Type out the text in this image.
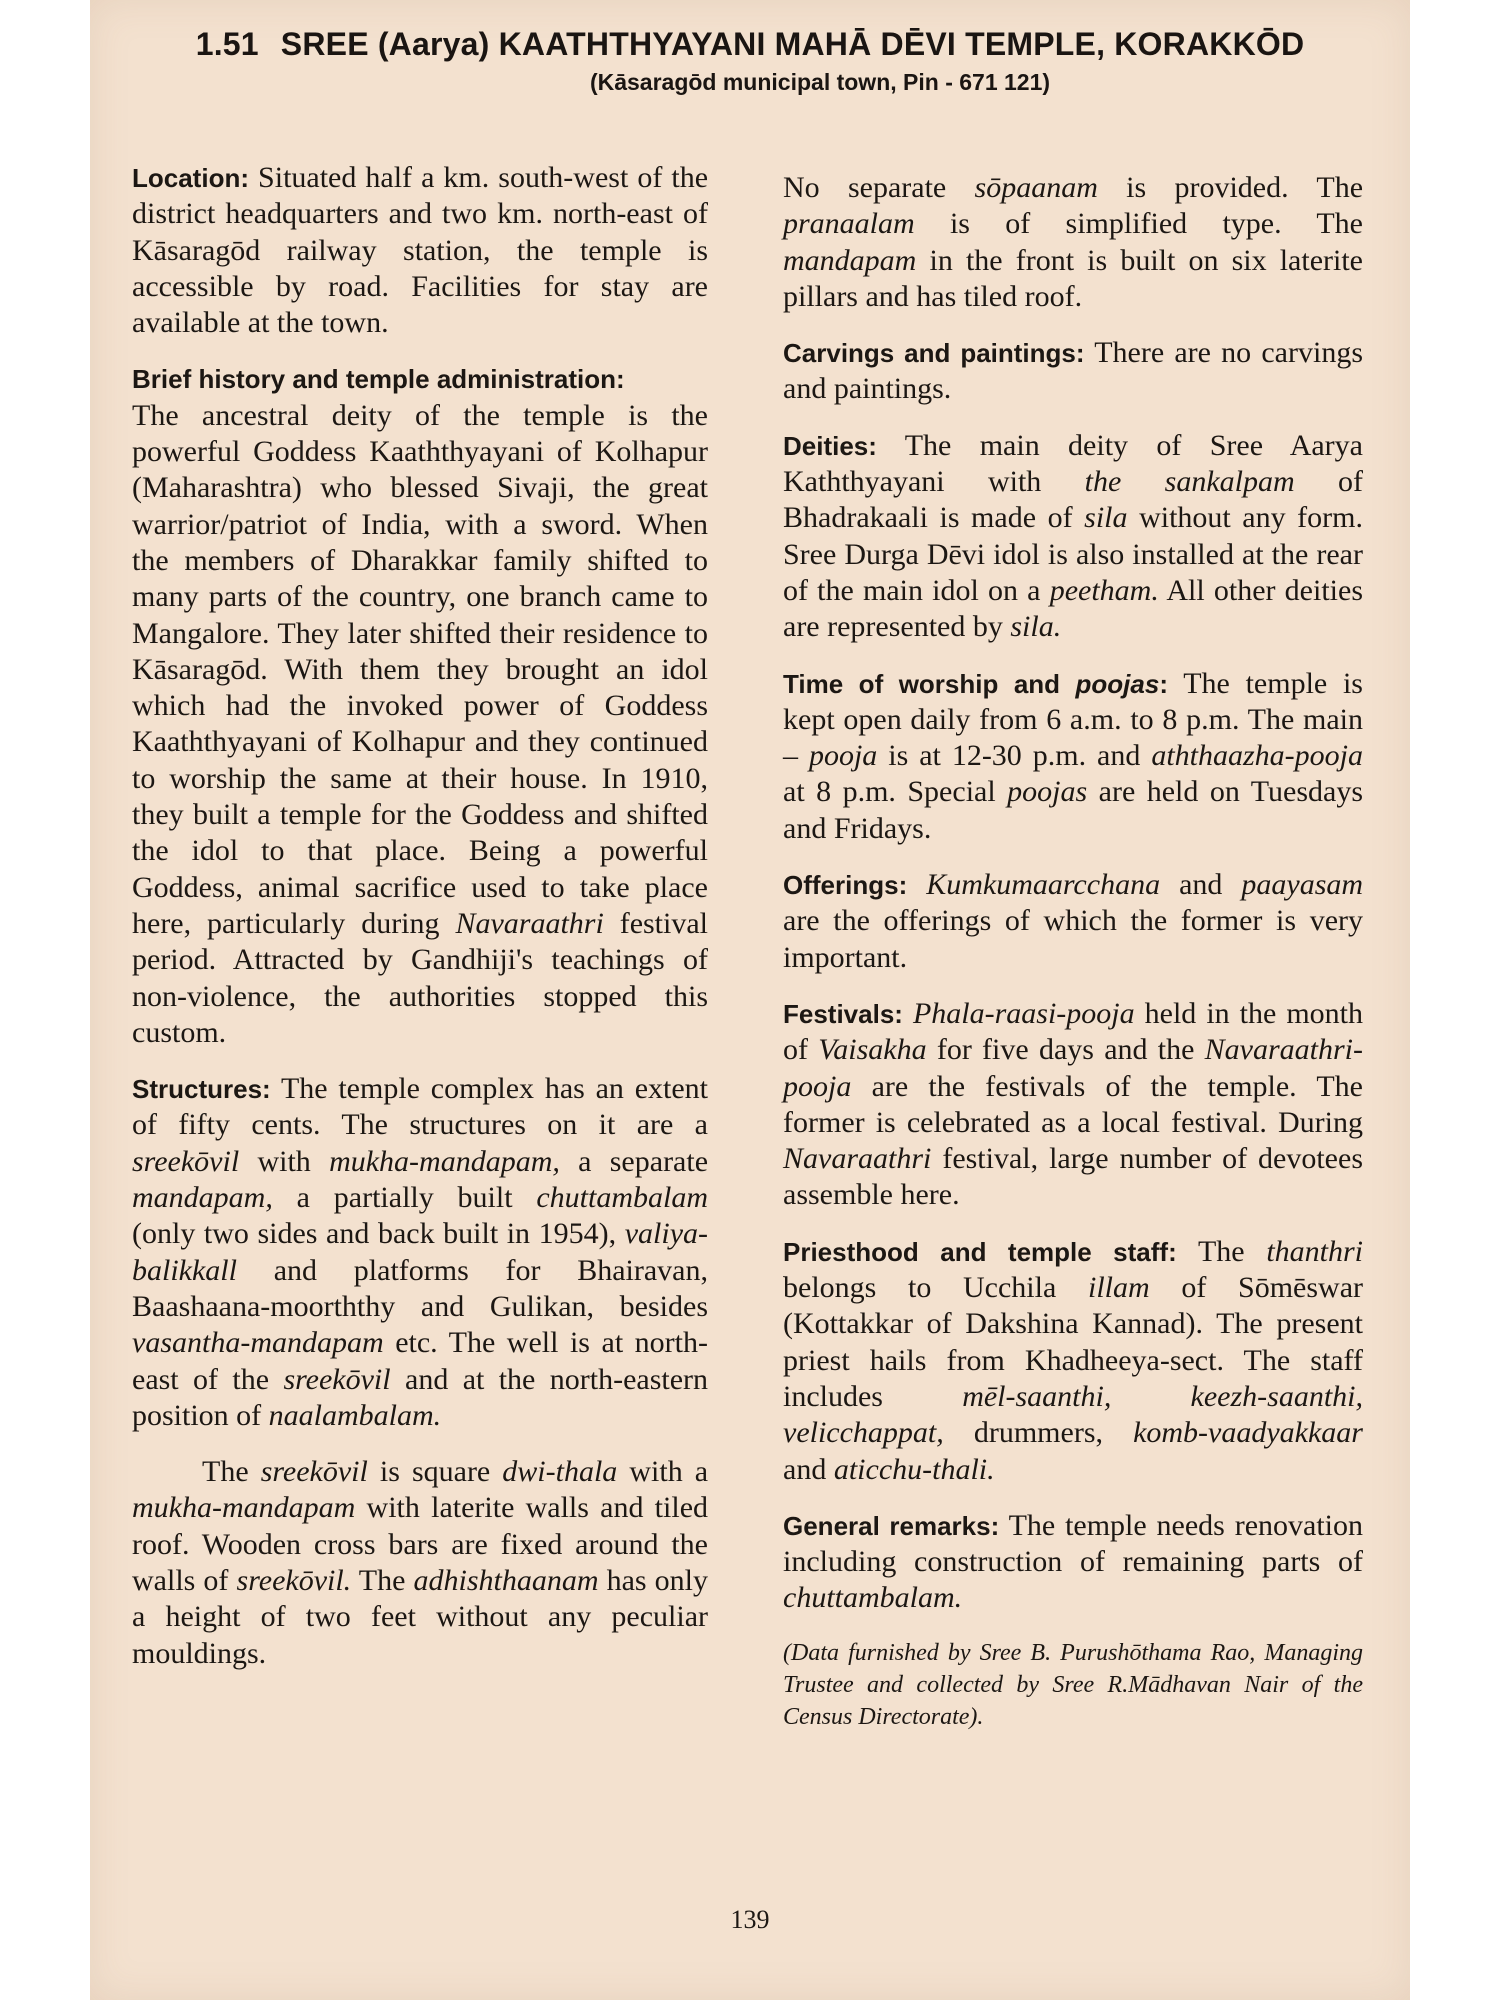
1.51 SREE (Aarya) KAATHTHYAYANI MAHĀ DĒVI TEMPLE, KORAKKŌD
(Kāsaragōd municipal town, Pin - 671 121)

Location: Situated half a km. south-west of the district headquarters and two km. north-east of Kāsaragōd railway station, the temple is accessible by road. Facilities for stay are available at the town.

Brief history and temple administration:
The ancestral deity of the temple is the powerful Goddess Kaaththyayani of Kolhapur (Maharashtra) who blessed Sivaji, the great warrior/patriot of India, with a sword. When the members of Dharakkar family shifted to many parts of the country, one branch came to Mangalore. They later shifted their residence to Kāsaragōd. With them they brought an idol which had the invoked power of Goddess Kaaththyayani of Kolhapur and they continued to worship the same at their house. In 1910, they built a temple for the Goddess and shifted the idol to that place. Being a powerful Goddess, animal sacrifice used to take place here, particularly during Navaraathri festival period. Attracted by Gandhiji's teachings of non-violence, the authorities stopped this custom.

Structures: The temple complex has an extent of fifty cents. The structures on it are a sreekōvil with mukha-mandapam, a separate mandapam, a partially built chuttambalam (only two sides and back built in 1954), valiya-balikkall and platforms for Bhairavan, Baashaana-moorththy and Gulikan, besides vasantha-mandapam etc. The well is at north-east of the sreekōvil and at the north-eastern position of naalambalam.

The sreekōvil is square dwi-thala with a mukha-mandapam with laterite walls and tiled roof. Wooden cross bars are fixed around the walls of sreekōvil. The adhishthaanam has only a height of two feet without any peculiar mouldings.

No separate sōpaanam is provided. The pranaalam is of simplified type. The mandapam in the front is built on six laterite pillars and has tiled roof.

Carvings and paintings: There are no carvings and paintings.

Deities: The main deity of Sree Aarya Kaththyayani with the sankalpam of Bhadrakaali is made of sila without any form. Sree Durga Dēvi idol is also installed at the rear of the main idol on a peetham. All other deities are represented by sila.

Time of worship and poojas: The temple is kept open daily from 6 a.m. to 8 p.m. The main – pooja is at 12-30 p.m. and aththaazha-pooja at 8 p.m. Special poojas are held on Tuesdays and Fridays.

Offerings: Kumkumaarcchana and paayasam are the offerings of which the former is very important.

Festivals: Phala-raasi-pooja held in the month of Vaisakha for five days and the Navaraathri-pooja are the festivals of the temple. The former is celebrated as a local festival. During Navaraathri festival, large number of devotees assemble here.

Priesthood and temple staff: The thanthri belongs to Ucchila illam of Sōmēswar (Kottakkar of Dakshina Kannad). The present priest hails from Khadheeya-sect. The staff includes	mēl-saanthi, keezh-saanthi, velicchappat, drummers, komb-vaadyakkaar and aticchu-thali.

General remarks: The temple needs renovation including construction of remaining parts of chuttambalam.

(Data furnished by Sree B. Purushōthama Rao, Managing Trustee and collected by Sree R.Mādhavan Nair of the Census Directorate).

139
